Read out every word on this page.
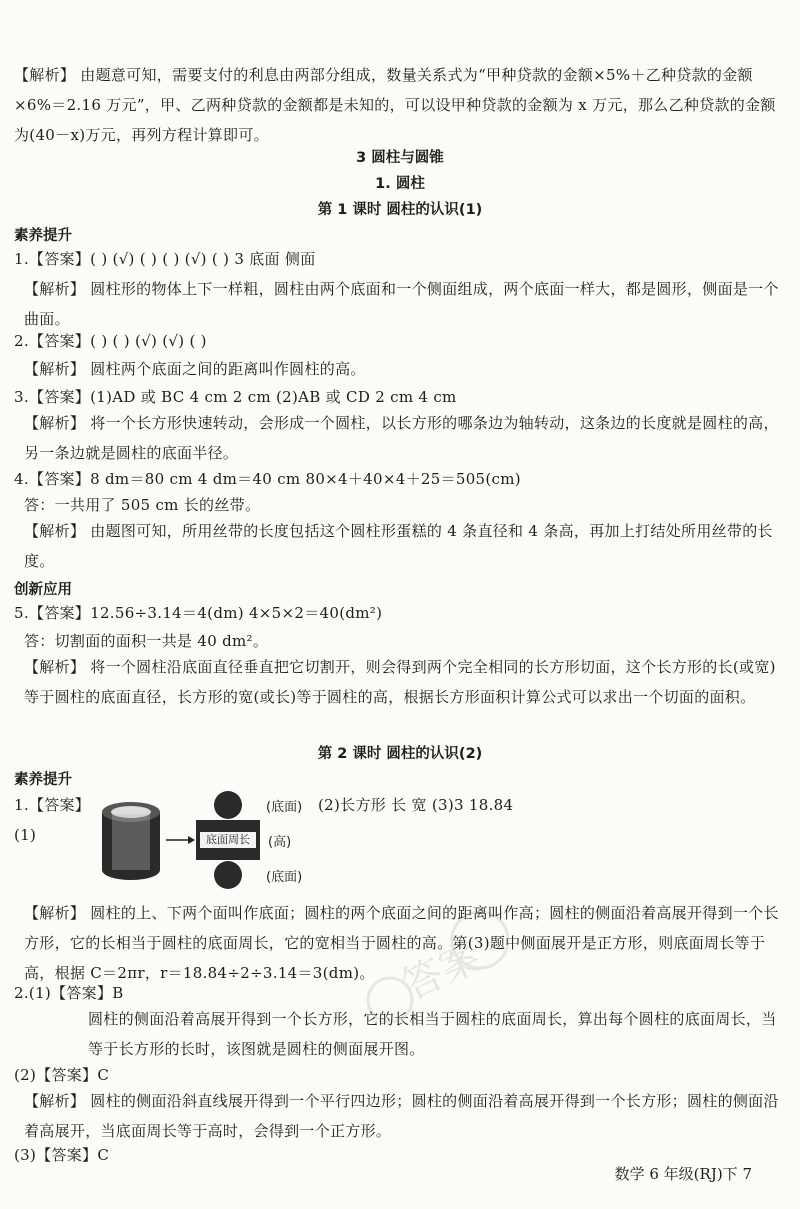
3 圆柱与圆锥
1. 圆柱
第 1 课时 圆柱的认识(1)
第 2 课时 圆柱的认识(2)
素养提升
创新应用
素养提升

【解析】 由题意可知，需要支付的利息由两部分组成，数量关系式为“甲种贷款的金额×5%＋乙种贷款的金额×6%＝2.16 万元”，甲、乙两种贷款的金额都是未知的，可以设甲种贷款的金额为 x 万元，那么乙种贷款的金额为(40－x)万元，再列方程计算即可。

1.【答案】( ) (√) ( ) ( ) (√) ( ) 3 底面 侧面

【解析】 圆柱形的物体上下一样粗，圆柱由两个底面和一个侧面组成，两个底面一样大，都是圆形，侧面是一个曲面。

2.【答案】( ) ( ) (√) (√) ( )

【解析】 圆柱两个底面之间的距离叫作圆柱的高。

3.【答案】(1)AD 或 BC 4 cm 2 cm (2)AB 或 CD 2 cm 4 cm

【解析】 将一个长方形快速转动，会形成一个圆柱，以长方形的哪条边为轴转动，这条边的长度就是圆柱的高，另一条边就是圆柱的底面半径。

4.【答案】8 dm＝80 cm 4 dm＝40 cm 80×4＋40×4＋25＝505(cm)

答：一共用了 505 cm 长的丝带。

【解析】 由题图可知，所用丝带的长度包括这个圆柱形蛋糕的 4 条直径和 4 条高，再加上打结处所用丝带的长度。

5.【答案】12.56÷3.14＝4(dm) 4×5×2＝40(dm²)

答：切割面的面积一共是 40 dm²。

【解析】 将一个圆柱沿底面直径垂直把它切割开，则会得到两个完全相同的长方形切面，这个长方形的长(或宽)等于圆柱的底面直径，长方形的宽(或长)等于圆柱的高，根据长方形面积计算公式可以求出一个切面的面积。

1.【答案】(1)

(2)长方形 长 宽 (3)3 18.84

【解析】 圆柱的上、下两个面叫作底面；圆柱的两个底面之间的距离叫作高；圆柱的侧面沿着高展开得到一个长方形，它的长相当于圆柱的底面周长，它的宽相当于圆柱的高。第(3)题中侧面展开是正方形，则底面周长等于高，根据 C＝2πr，r＝18.84÷2÷3.14＝3(dm)。

2.(1)【答案】B

圆柱的侧面沿着高展开得到一个长方形，它的长相当于圆柱的底面周长，算出每个圆柱的底面周长，当等于长方形的长时，该图就是圆柱的侧面展开图。

(2)【答案】C

【解析】 圆柱的侧面沿斜直线展开得到一个平行四边形；圆柱的侧面沿着高展开得到一个长方形；圆柱的侧面沿着高展开，当底面周长等于高时，会得到一个正方形。

(3)【答案】C

(底面)
底面周长	(高)
(底面)
答案
数学 6 年级(RJ)下 7
